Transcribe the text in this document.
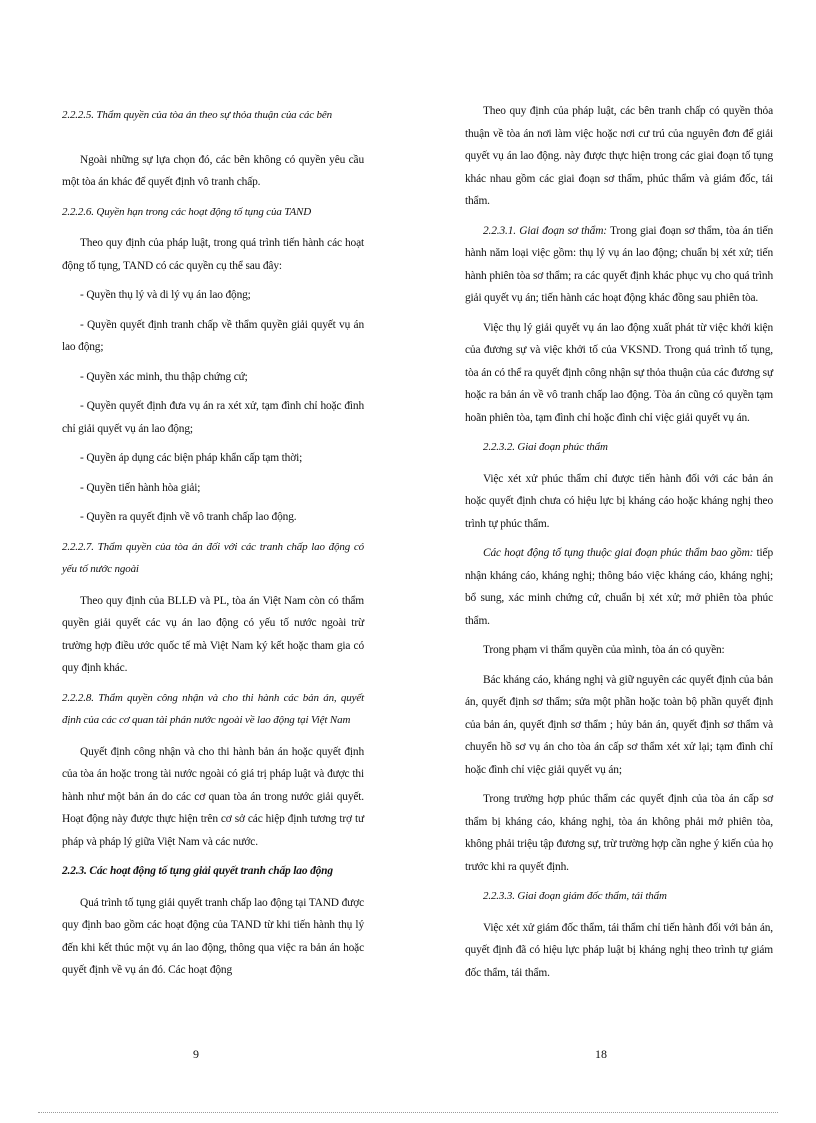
2.2.2.5. Thẩm quyền của tòa án theo sự thỏa thuận của các bên

Ngoài những sự lựa chọn đó, các bên không có quyền yêu cầu một tòa án khác để quyết định vô tranh chấp.

2.2.2.6. Quyền hạn trong các hoạt động tố tụng của TAND

Theo quy định của pháp luật, trong quá trình tiến hành các hoạt động tố tụng, TAND có các quyền cụ thể sau đây:

- Quyền thụ lý và di lý vụ án lao động;

- Quyền quyết định tranh chấp về thẩm quyền giải quyết vụ án lao động;

- Quyền xác minh, thu thập chứng cứ;

- Quyền quyết định đưa vụ án ra xét xử, tạm đình chỉ hoặc đình chỉ giải quyết vụ án lao động;

- Quyền áp dụng các biện pháp khẩn cấp tạm thời;

- Quyền tiến hành hòa giải;

- Quyền ra quyết định về vô tranh chấp lao động.

2.2.2.7. Thẩm quyền của tòa án đối với các tranh chấp lao động có yếu tố nước ngoài

Theo quy định của BLLĐ và PL, tòa án Việt Nam còn có thẩm quyền giải quyết các vụ án lao động có yếu tố nước ngoài trừ trường hợp điều ước quốc tế mà Việt Nam ký kết hoặc tham gia có quy định khác.

2.2.2.8. Thẩm quyền công nhận và cho thi hành các bản án, quyết định của các cơ quan tài phán nước ngoài về lao động tại Việt Nam

Quyết định công nhận và cho thi hành bản án hoặc quyết định của tòa án hoặc trong tài nước ngoài có giá trị pháp luật và được thi hành như một bản án do các cơ quan tòa án trong nước giải quyết. Hoạt động này được thực hiện trên cơ sở các hiệp định tương trợ tư pháp và pháp lý giữa Việt Nam và các nước.

2.2.3. Các hoạt động tố tụng giải quyết tranh chấp lao động

Quá trình tố tụng giải quyết tranh chấp lao động tại TAND được quy định bao gồm các hoạt động của TAND từ khi tiến hành thụ lý đến khi kết thúc một vụ án lao động, thông qua việc ra bản án hoặc quyết định về vụ án đó. Các hoạt động

9

Theo quy định của pháp luật, các bên tranh chấp có quyền thỏa thuận về tòa án nơi làm việc hoặc nơi cư trú của nguyên đơn để giải quyết vụ án lao động. này được thực hiện trong các giai đoạn tố tụng khác nhau gồm các giai đoạn sơ thẩm, phúc thẩm và giám đốc, tái thẩm.

2.2.3.1. Giai đoạn sơ thẩm: Trong giai đoạn sơ thẩm, tòa án tiến hành năm loại việc gồm: thụ lý vụ án lao động; chuẩn bị xét xử; tiến hành phiên tòa sơ thẩm; ra các quyết định khác phục vụ cho quá trình giải quyết vụ án; tiến hành các hoạt động khác đồng sau phiên tòa.

Việc thụ lý giải quyết vụ án lao động xuất phát từ việc khởi kiện của đương sự và việc khởi tố của VKSND. Trong quá trình tố tụng, tòa án có thể ra quyết định công nhận sự thỏa thuận của các đương sự hoặc ra bản án về vô tranh chấp lao động. Tòa án cũng có quyền tạm hoãn phiên tòa, tạm đình chỉ hoặc đình chỉ việc giải quyết vụ án.

2.2.3.2. Giai đoạn phúc thẩm

Việc xét xử phúc thẩm chỉ được tiến hành đối với các bản án hoặc quyết định chưa có hiệu lực bị kháng cáo hoặc kháng nghị theo trình tự phúc thẩm.

Các hoạt động tố tụng thuộc giai đoạn phúc thẩm bao gồm: tiếp nhận kháng cáo, kháng nghị; thông báo việc kháng cáo, kháng nghị; bổ sung, xác minh chứng cứ, chuẩn bị xét xử; mở phiên tòa phúc thẩm.

Trong phạm vi thẩm quyền của mình, tòa án có quyền:

Bác kháng cáo, kháng nghị và giữ nguyên các quyết định của bản án, quyết định sơ thẩm; sửa một phần hoặc toàn bộ phần quyết định của bản án, quyết định sơ thẩm ; hủy bản án, quyết định sơ thẩm và chuyển hồ sơ vụ án cho tòa án cấp sơ thẩm xét xử lại; tạm đình chỉ hoặc đình chỉ việc giải quyết vụ án;

Trong trường hợp phúc thẩm các quyết định của tòa án cấp sơ thẩm bị kháng cáo, kháng nghị, tòa án không phải mở phiên tòa, không phải triệu tập đương sự, trừ trường hợp cần nghe ý kiến của họ trước khi ra quyết định.

2.2.3.3. Giai đoạn giám đốc thẩm, tái thẩm

Việc xét xử giám đốc thẩm, tái thẩm chỉ tiến hành đối với bản án, quyết định đã có hiệu lực pháp luật bị kháng nghị theo trình tự giám đốc thẩm, tái thẩm.

18
